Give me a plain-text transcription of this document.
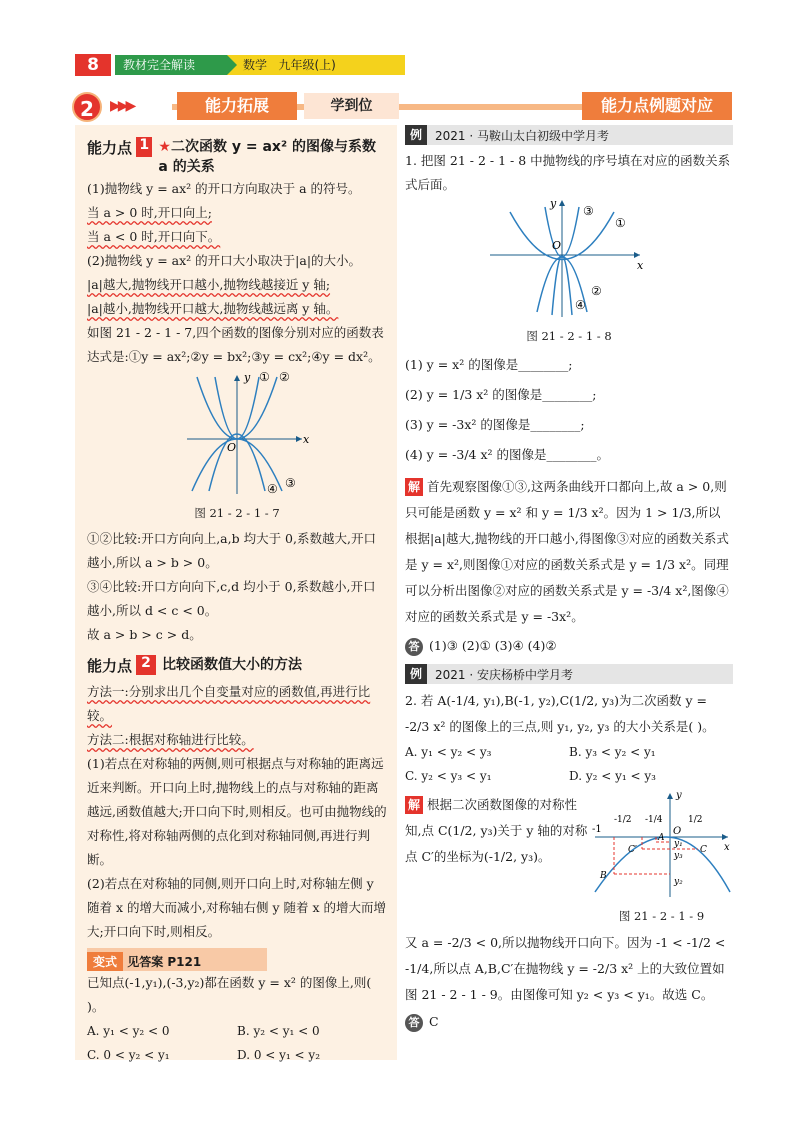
8	教材完全解读	数学 九年级(上)
2	▶▶▶	能力拓展	学到位	能力点例题对应
能力点 1 ★二次函数 y = ax² 的图像与系数 a 的关系

(1)抛物线 y = ax² 的开口方向取决于 a 的符号。

当 a > 0 时,开口向上;

当 a < 0 时,开口向下。

(2)抛物线 y = ax² 的开口大小取决于|a|的大小。

|a|越大,抛物线开口越小,抛物线越接近 y 轴;

|a|越小,抛物线开口越大,抛物线越远离 y 轴。

如图 21 - 2 - 1 - 7,四个函数的图像分别对应的函数表达式是:①y = ax²;②y = bx²;③y = cx²;④y = dx²。

x
y
O
① ②
③
④
图 21 - 2 - 1 - 7

①②比较:开口方向向上,a,b 均大于 0,系数越大,开口越小,所以 a > b > 0。

③④比较:开口方向向下,c,d 均小于 0,系数越小,开口越小,所以 d < c < 0。

故 a > b > c > d。

能力点 2 比较函数值大小的方法

方法一:分别求出几个自变量对应的函数值,再进行比较。

方法二:根据对称轴进行比较。

(1)若点在对称轴的两侧,则可根据点与对称轴的距离远近来判断。开口向上时,抛物线上的点与对称轴的距离越远,函数值越大;开口向下时,则相反。也可由抛物线的对称性,将对称轴两侧的点化到对称轴同侧,再进行判断。

(2)若点在对称轴的同侧,则开口向上时,对称轴左侧 y 随着 x 的增大而减小,对称轴右侧 y 随着 x 的增大而增大;开口向下时,则相反。

变式 见答案 P121

已知点(-1,y₁),(-3,y₂)都在函数 y = x² 的图像上,则( )。

A. y₁ < y₂ < 0	B. y₂ < y₁ < 0
C. 0 < y₂ < y₁	D. 0 < y₁ < y₂
例	2021 · 马鞍山太白初级中学月考

1. 把图 21 - 2 - 1 - 8 中抛物线的序号填在对应的函数关系式后面。

x
y
O
①
②
③
④
图 21 - 2 - 1 - 8

(1) y = x² 的图像是________;

(2) y = 1/3 x² 的图像是________;

(3) y = -3x² 的图像是________;

(4) y = -3/4 x² 的图像是________。

解 首先观察图像①③,这两条曲线开口都向上,故 a > 0,则只可能是函数 y = x² 和 y = 1/3 x²。因为 1 > 1/3,所以根据|a|越大,抛物线的开口越小,得图像③对应的函数关系式是 y = x²,则图像①对应的函数关系式是 y = 1/3 x²。同理可以分析出图像②对应的函数关系式是 y = -3/4 x²,图像④对应的函数关系式是 y = -3x²。

答 (1)③ (2)① (3)④ (4)②

例	2021 · 安庆杨桥中学月考

2. 若 A(-1/4, y₁),B(-1, y₂),C(1/2, y₃)为二次函数 y = -2/3 x² 的图像上的三点,则 y₁, y₂, y₃ 的大小关系是( )。

A. y₁ < y₂ < y₃	B. y₃ < y₂ < y₁
C. y₂ < y₃ < y₁	D. y₂ < y₁ < y₃

解 根据二次函数图像的对称性知,点 C(1/2, y₃)关于 y 轴的对称点 C′的坐标为(-1/2, y₃)。

y
x
O
-1
-1/2 -1/4	1/2
A
B
C
C′
y₁
y₂
y₃
图 21 - 2 - 1 - 9

又 a = -2/3 < 0,所以抛物线开口向下。因为 -1 < -1/2 < -1/4,所以点 A,B,C′在抛物线 y = -2/3 x² 上的大致位置如图 21 - 2 - 1 - 9。由图像可知 y₂ < y₃ < y₁。故选 C。

答 C
